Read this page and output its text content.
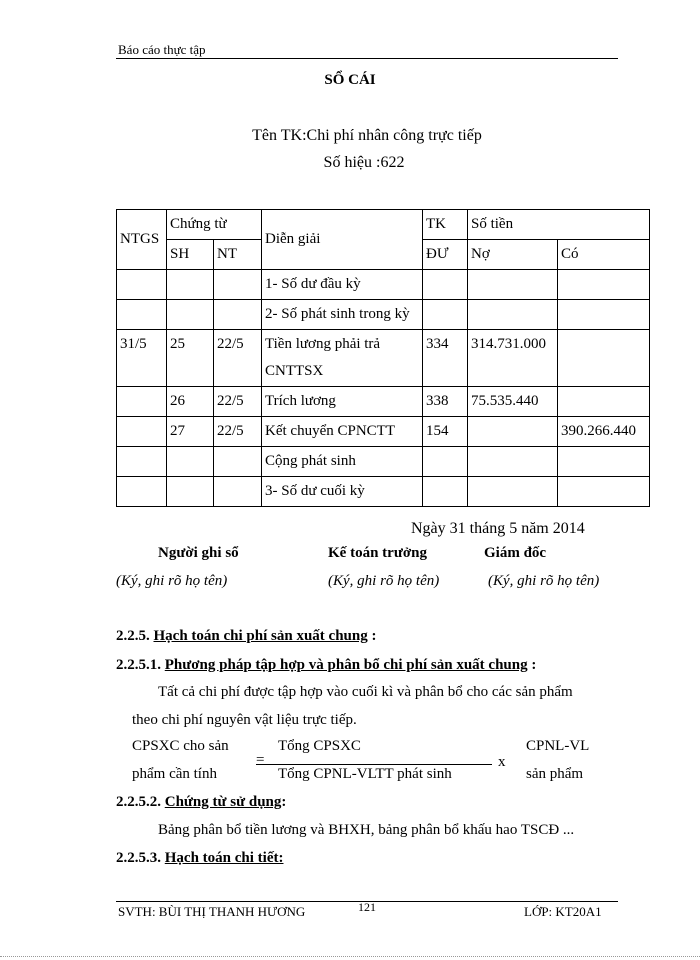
Báo cáo thực tập
SỔ CÁI
Tên TK:Chi phí nhân công trực tiếp
Số hiệu :622
NTGS	Chứng từ		Diễn giải	TK	Số tiền	
	SH	NT		ĐƯ	Nợ	Có
			1- Số dư đầu kỳ			
			2- Số phát sinh trong kỳ			
31/5	25	22/5	Tiền lương phải trả CNTTSX	334	314.731.000	
	26	22/5	Trích lương	338	75.535.440	
	27	22/5	Kết chuyển CPNCTT	154		390.266.440
			Cộng phát sinh			
			3- Số dư cuối kỳ			
Ngày 31 tháng 5 năm 2014
Người ghi sổ	Kế toán trưởng	Giám đốc
(Ký, ghi rõ họ tên)	(Ký, ghi rõ họ tên)	(Ký, ghi rõ họ tên)
2.2.5. Hạch toán chi phí sản xuất chung :
2.2.5.1. Phương pháp tập hợp và phân bổ chi phí sản xuất chung :
Tất cả chi phí được tập hợp vào cuối kì và phân bổ cho các sản phẩm
theo chi phí nguyên vật liệu trực tiếp.
CPSXC cho sản
phẩm cần tính
=
Tổng CPSXC
Tổng CPNL-VLTT phát sinh
x
CPNL-VL
sản phẩm
2.2.5.2. Chứng từ sử dụng:
Bảng phân bổ tiền lương và BHXH, bảng phân bổ khấu hao TSCĐ ...
2.2.5.3. Hạch toán chi tiết:
SVTH: BÙI THỊ THANH HƯƠNG	121	LỚP: KT20A1
